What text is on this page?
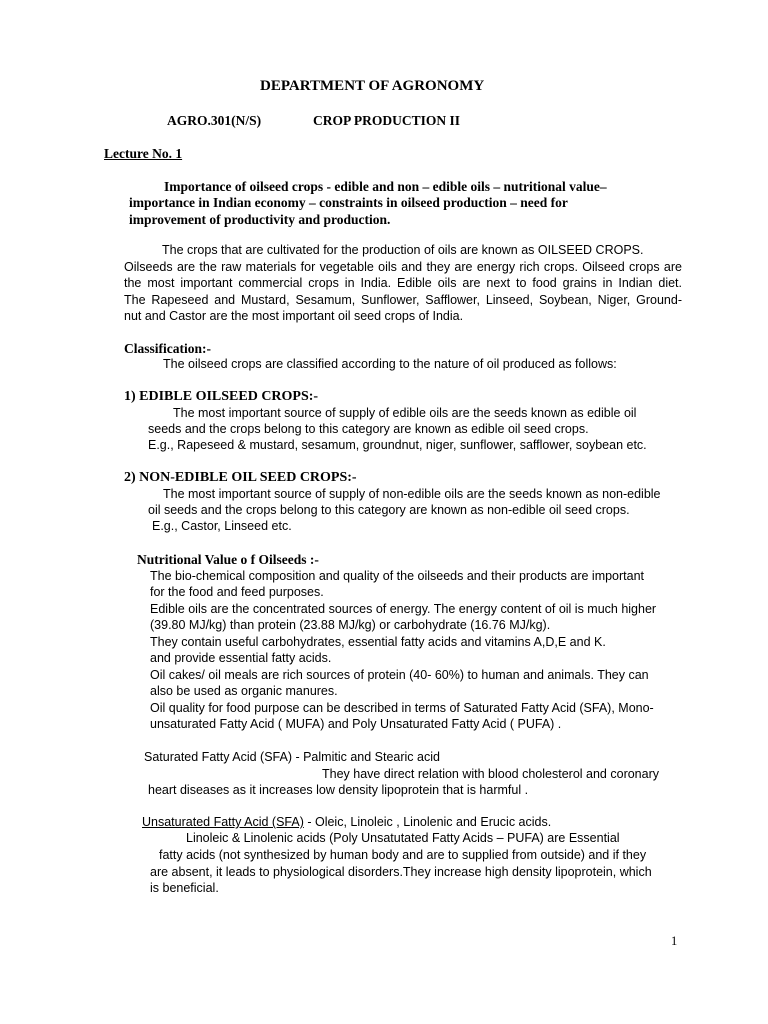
DEPARTMENT OF AGRONOMY
AGRO.301(N/S)	CROP PRODUCTION II
Lecture No. 1
Importance of oilseed crops - edible and non – edible oils – nutritional value–
importance in Indian economy – constraints in oilseed production – need for
improvement of productivity and production.
The crops that are cultivated for the production of oils are known as OILSEED CROPS.
Oilseeds are the raw materials for vegetable oils and they are energy rich crops. Oilseed crops are
the most important commercial crops in India. Edible oils are next to food grains in Indian diet.
The Rapeseed and Mustard, Sesamum, Sunflower, Safflower, Linseed, Soybean, Niger, Ground-
nut and Castor are the most important oil seed crops of India.
Classification:-
The oilseed crops are classified according to the nature of oil produced as follows:
1) EDIBLE OILSEED CROPS:-
The most important source of supply of edible oils are the seeds known as edible oil
seeds and the crops belong to this category are known as edible oil seed crops.
E.g., Rapeseed & mustard, sesamum, groundnut, niger, sunflower, safflower, soybean etc.
2) NON-EDIBLE OIL SEED CROPS:-
The most important source of supply of non-edible oils are the seeds known as non-edible
oil seeds and the crops belong to this category are known as non-edible oil seed crops.
E.g., Castor, Linseed etc.
Nutritional Value o f Oilseeds :-
The bio-chemical composition and quality of the oilseeds and their products are important
for the food and feed purposes.
Edible oils are the concentrated sources of energy. The energy content of oil is much higher
(39.80 MJ/kg) than protein (23.88 MJ/kg) or carbohydrate (16.76 MJ/kg).
They contain useful carbohydrates, essential fatty acids and vitamins A,D,E and K.
and provide essential fatty acids.
Oil cakes/ oil meals are rich sources of protein (40- 60%) to human and animals. They can
also be used as organic manures.
Oil quality for food purpose can be described in terms of Saturated Fatty Acid (SFA), Mono-
unsaturated Fatty Acid ( MUFA) and Poly Unsaturated Fatty Acid ( PUFA) .
Saturated Fatty Acid (SFA) - Palmitic and Stearic acid
They have direct relation with blood cholesterol and coronary
heart diseases as it increases low density lipoprotein that is harmful .
Unsaturated Fatty Acid (SFA) - Oleic, Linoleic , Linolenic and Erucic acids.
Linoleic & Linolenic acids (Poly Unsatutated Fatty Acids – PUFA) are Essential
fatty acids (not synthesized by human body and are to supplied from outside) and if they
are absent, it leads to physiological disorders.They increase high density lipoprotein, which
is beneficial.
1
